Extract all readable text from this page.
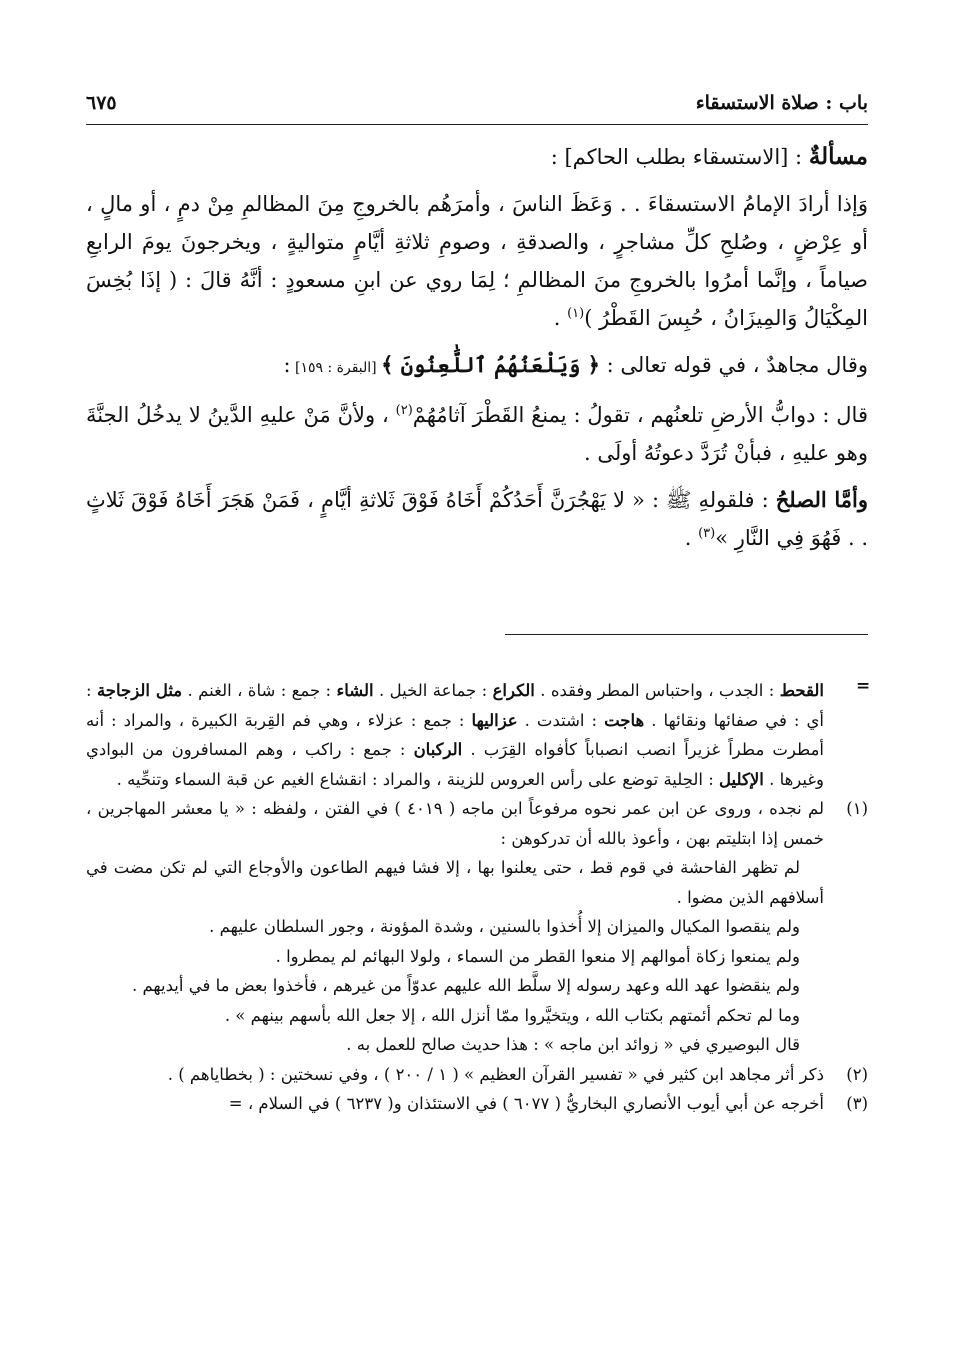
باب : صلاة الاستسقاء
٦٧٥

مسألةٌ : [الاستسقاء بطلب الحاكم] :

وَإذا أرادَ الإمامُ الاستسقاءَ . . وَعَظَ الناسَ ، وأمرَهُم بالخروجِ مِنَ المظالمِ مِنْ دمٍ ، أو مالٍ ، أو عِرْضٍ ، وصُلحِ كلِّ مشاجرٍ ، والصدقةِ ، وصومِ ثلاثةِ أيَّامٍ متواليةٍ ، ويخرجونَ يومَ الرابعِ صياماً ، وإنَّما أمرُوا بالخروجِ منَ المظالمِ ؛ لِمَا روي عن ابنِ مسعودٍ : أنَّهُ قالَ : ( إذَا بُخِسَ المِكْيَالُ وَالمِيزَانُ ، حُبِسَ القَطْرُ )$^{(١)}$ .

وقال مجاهدٌ ، في قوله تعالى : ﴿ وَيَلْعَنُهُمُ ٱللَّٰعِنُونَ ﴾ [البقرة : ١٥٩] :

قال : دوابُّ الأرضِ تلعنُهم ، تقولُ : يمنعُ القَطْرَ آثامُهُمْ$^{(٢)}$ ، ولأنَّ مَنْ عليهِ الدَّينُ لا يدخُلُ الجنَّةَ وهو عليهِ ، فبأنْ تُرَدَّ دعوتُهُ أولَى .

وأمَّا الصلحُ : فلقولهِ ﷺ : « لا يَهْجُرَنَّ أَحَدُكُمْ أَخَاهُ فَوْقَ ثَلاثةِ أيَّامٍ ، فَمَنْ هَجَرَ أَخَاهُ فَوْقَ ثَلاثٍ . . فَهُوَ فِي النَّارِ »$^{(٣)}$ .

=

القحط : الجدب ، واحتباس المطر وفقده . الكراع : جماعة الخيل . الشاء : جمع : شاة ، الغنم . مثل الزجاجة : أي : في صفائها ونقائها . هاجت : اشتدت . عزاليها : جمع : عزلاء ، وهي فم القِربة الكبيرة ، والمراد : أنه أمطرت مطراً غزيراً انصب انصباباً كأفواه القِرَب . الركبان : جمع : راكب ، وهم المسافرون من البوادي وغيرها . الإكليل : الحِلية توضع على رأس العروس للزينة ، والمراد : انقشاع الغيم عن قبة السماء وتنحِّيه .

(١)
لم نجده ، وروى عن ابن عمر نحوه مرفوعاً ابن ماجه ( ٤٠١٩ ) في الفتن ، ولفظه : « يا معشر المهاجرين ، خمس إذا ابتليتم بهن ، وأعوذ بالله أن تدركوهن :

لم تظهر الفاحشة في قوم قط ، حتى يعلنوا بها ، إلا فشا فيهم الطاعون والأوجاع التي لم تكن مضت في أسلافهم الذين مضوا .

ولم ينقصوا المكيال والميزان إلا أُخذوا بالسنين ، وشدة المؤونة ، وجور السلطان عليهم .

ولم يمنعوا زكاة أموالهم إلا منعوا القطر من السماء ، ولولا البهائم لم يمطروا .

ولم ينقضوا عهد الله وعهد رسوله إلا سلَّط الله عليهم عدوّاً من غيرهم ، فأخذوا بعض ما في أيديهم .

وما لم تحكم أئمتهم بكتاب الله ، ويتخيَّروا ممّا أنزل الله ، إلا جعل الله بأسهم بينهم » .

قال البوصيري في « زوائد ابن ماجه » : هذا حديث صالح للعمل به .

(٢)
ذكر أثر مجاهد ابن كثير في « تفسير القرآن العظيم » ( ١ / ٢٠٠ ) ، وفي نسختين : ( بخطاياهم ) .
(٣)
أخرجه عن أبي أيوب الأنصاري البخاريُّ ( ٦٠٧٧ ) في الاستئذان و( ٦٢٣٧ ) في السلام ، =
